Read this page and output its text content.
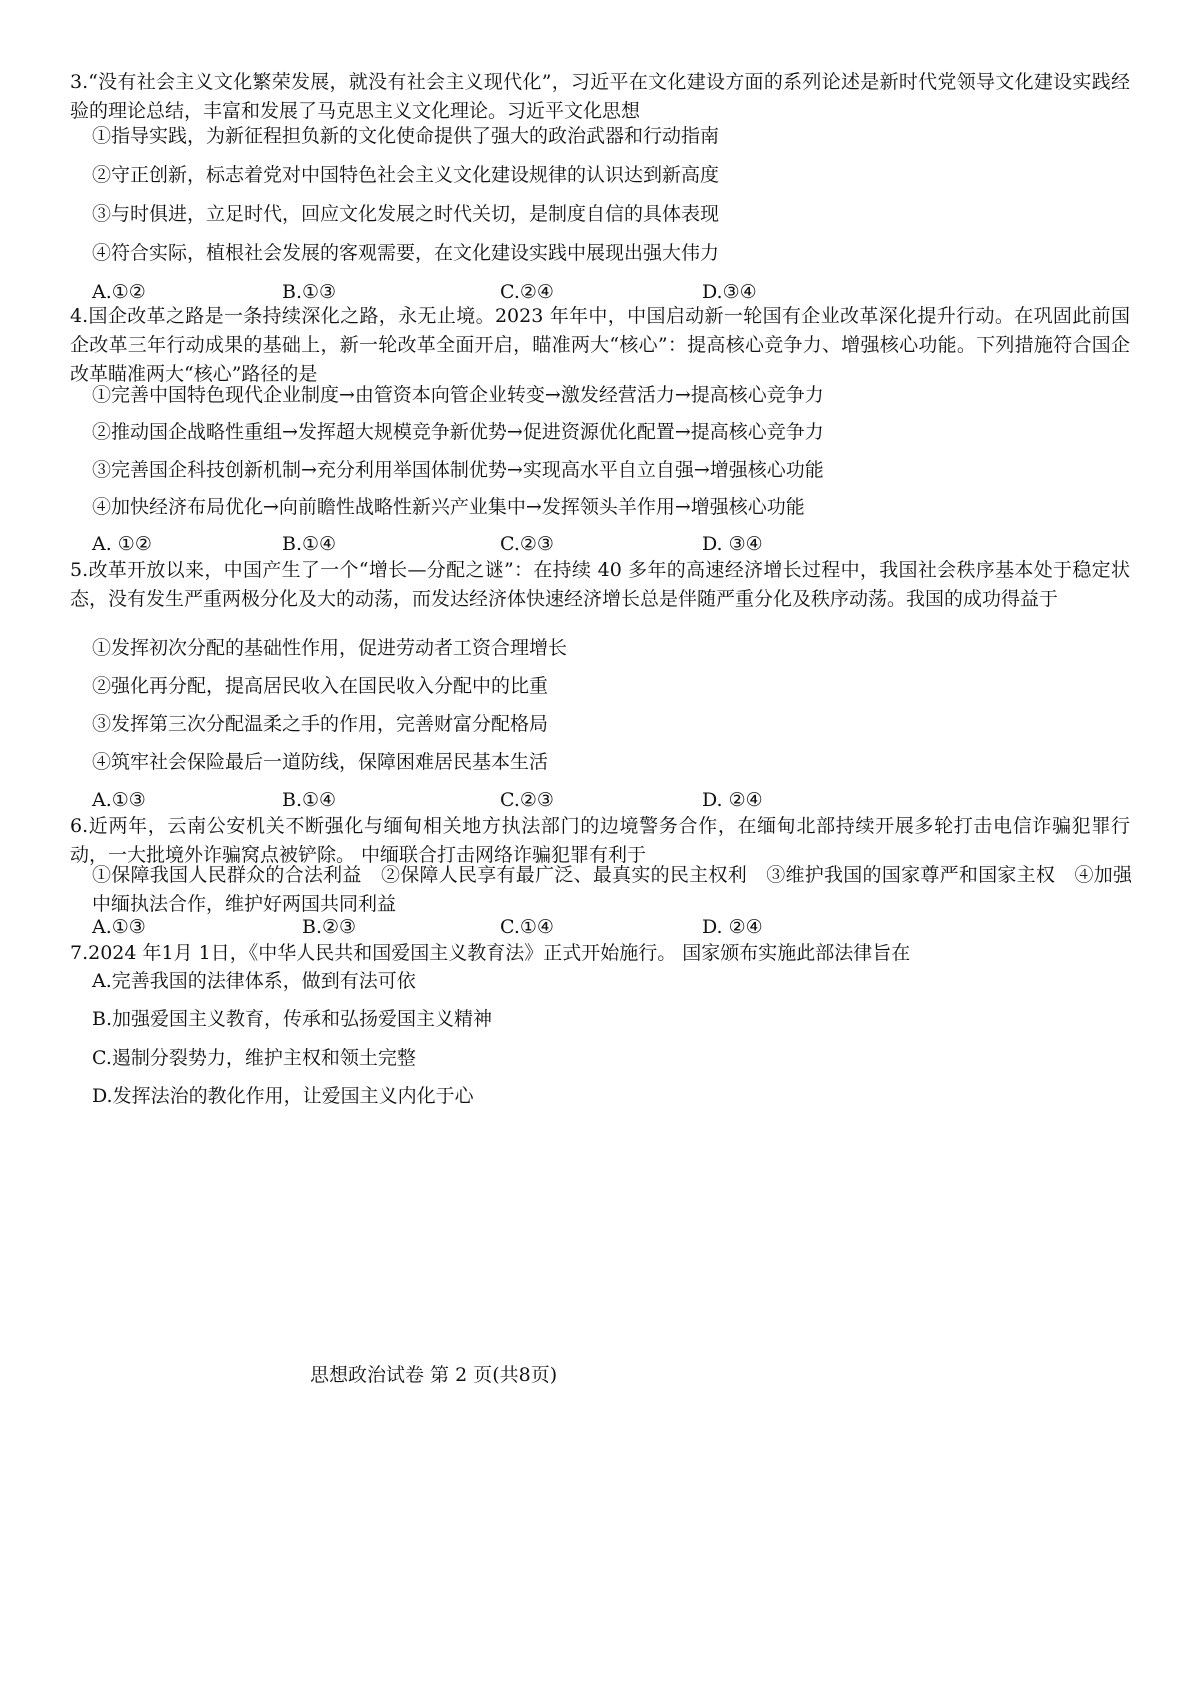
3.“没有社会主义文化繁荣发展，就没有社会主义现代化”，习近平在文化建设方面的系列论述是新时代党领导文化建设实践经验的理论总结，丰富和发展了马克思主义文化理论。习近平文化思想
①指导实践，为新征程担负新的文化使命提供了强大的政治武器和行动指南
②守正创新，标志着党对中国特色社会主义文化建设规律的认识达到新高度
③与时俱进，立足时代，回应文化发展之时代关切，是制度自信的具体表现
④符合实际，植根社会发展的客观需要，在文化建设实践中展现出强大伟力
A.①②	B.①③	C.②④	D.③④
4.国企改革之路是一条持续深化之路，永无止境。2023 年年中，中国启动新一轮国有企业改革深化提升行动。在巩固此前国企改革三年行动成果的基础上，新一轮改革全面开启，瞄准两大“核心”：提高核心竞争力、增强核心功能。下列措施符合国企改革瞄准两大“核心”路径的是
①完善中国特色现代企业制度→由管资本向管企业转变→激发经营活力→提高核心竞争力
②推动国企战略性重组→发挥超大规模竞争新优势→促进资源优化配置→提高核心竞争力
③完善国企科技创新机制→充分利用举国体制优势→实现高水平自立自强→增强核心功能
④加快经济布局优化→向前瞻性战略性新兴产业集中→发挥领头羊作用→增强核心功能
A. ①②	B.①④	C.②③	D. ③④
5.改革开放以来，中国产生了一个“增长—分配之谜”：在持续 40 多年的高速经济增长过程中，我国社会秩序基本处于稳定状态，没有发生严重两极分化及大的动荡，而发达经济体快速经济增长总是伴随严重分化及秩序动荡。我国的成功得益于
①发挥初次分配的基础性作用，促进劳动者工资合理增长
②强化再分配，提高居民收入在国民收入分配中的比重
③发挥第三次分配温柔之手的作用，完善财富分配格局
④筑牢社会保险最后一道防线，保障困难居民基本生活
A.①③	B.①④	C.②③	D. ②④
6.近两年，云南公安机关不断强化与缅甸相关地方执法部门的边境警务合作，在缅甸北部持续开展多轮打击电信诈骗犯罪行动，一大批境外诈骗窝点被铲除。 中缅联合打击网络诈骗犯罪有利于
①保障我国人民群众的合法利益　②保障人民享有最广泛、最真实的民主权利　③维护我国的国家尊严和国家主权　④加强中缅执法合作，维护好两国共同利益
A.①③	B.②③	C.①④	D. ②④
7.2024 年1月 1日，《中华人民共和国爱国主义教育法》正式开始施行。 国家颁布实施此部法律旨在
A.完善我国的法律体系，做到有法可依
B.加强爱国主义教育，传承和弘扬爱国主义精神
C.遏制分裂势力，维护主权和领土完整
D.发挥法治的教化作用，让爱国主义内化于心
思想政治试卷 第 2 页(共8页)
